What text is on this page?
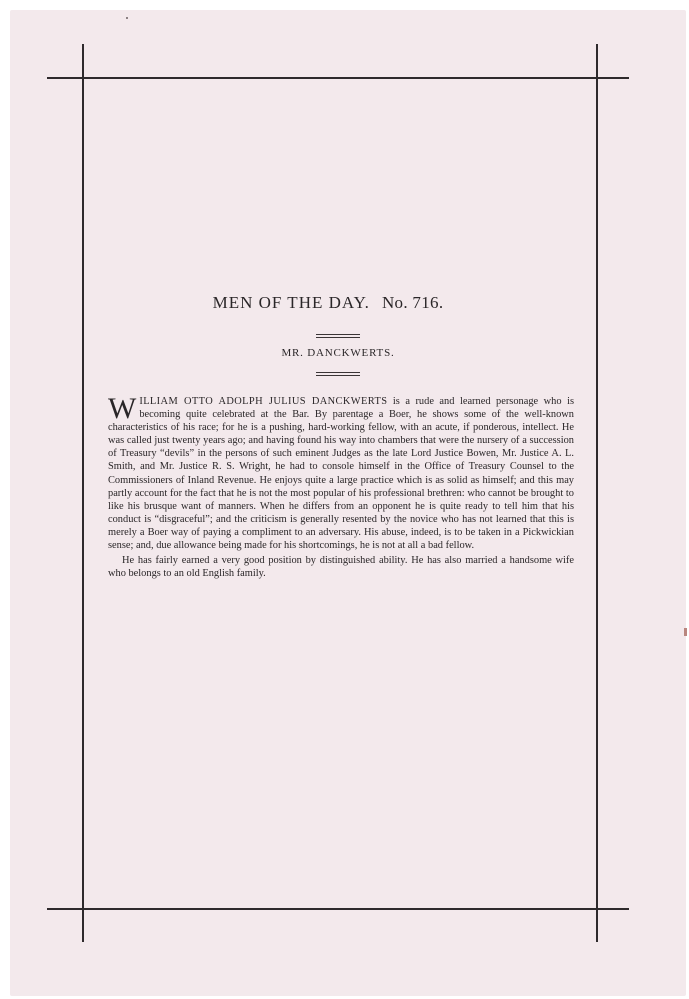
MEN OF THE DAY. No. 716.
MR. DANCKWERTS.

WILLIAM OTTO ADOLPH JULIUS DANCKWERTS is a rude and learned personage who is becoming quite celebrated at the Bar. By parentage a Boer, he shows some of the well-known characteristics of his race; for he is a pushing, hard-working fellow, with an acute, if ponderous, intellect. He was called just twenty years ago; and having found his way into chambers that were the nursery of a succession of Treasury “devils” in the persons of such eminent Judges as the late Lord Justice Bowen, Mr. Justice A. L. Smith, and Mr. Justice R. S. Wright, he had to console himself in the Office of Treasury Counsel to the Commissioners of Inland Revenue. He enjoys quite a large practice which is as solid as himself; and this may partly account for the fact that he is not the most popular of his professional brethren: who cannot be brought to like his brusque want of manners. When he differs from an opponent he is quite ready to tell him that his conduct is “disgraceful”; and the criticism is generally resented by the novice who has not learned that this is merely a Boer way of paying a compliment to an adversary. His abuse, indeed, is to be taken in a Pickwickian sense; and, due allowance being made for his shortcomings, he is not at all a bad fellow.

He has fairly earned a very good position by distinguished ability. He has also married a handsome wife who belongs to an old English family.
